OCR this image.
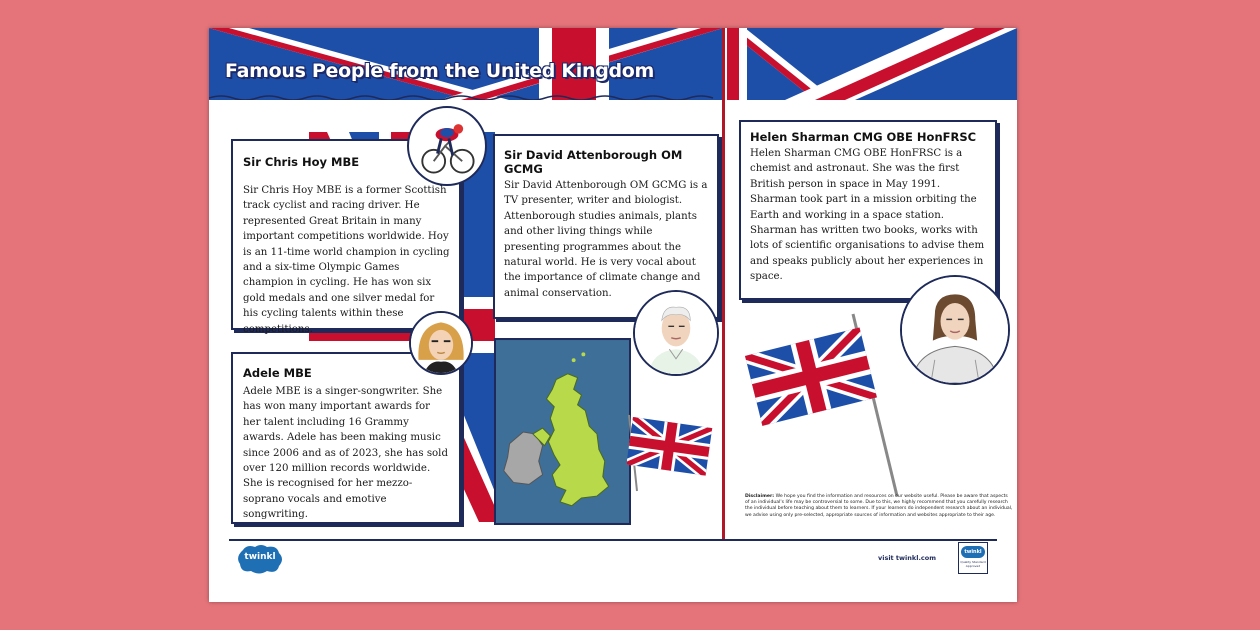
Famous People from the United Kingdom
Sir Chris Hoy MBE
Sir Chris Hoy MBE is a former Scottish track cyclist and racing driver. He represented Great Britain in many important competitions worldwide. Hoy is an 11-time world champion in cycling and a six-time Olympic Games champion in cycling. He has won six gold medals and one silver medal for his cycling talents within these competitions.
Adele MBE
Adele MBE is a singer-songwriter. She has won many important awards for her talent including 16 Grammy awards. Adele has been making music since 2006 and as of 2023, she has sold over 120 million records worldwide. She is recognised for her mezzo-soprano vocals and emotive songwriting.
Sir David Attenborough OM GCMG
Sir David Attenborough OM GCMG is a TV presenter, writer and biologist. Attenborough studies animals, plants and other living things while presenting programmes about the natural world. He is very vocal about the importance of climate change and animal conservation.
Helen Sharman CMG OBE HonFRSC
Helen Sharman CMG OBE HonFRSC is a chemist and astronaut. She was the first British person in space in May 1991. Sharman took part in a mission orbiting the Earth and working in a space station. Sharman has written two books, works with lots of scientific organisations to advise them and speaks publicly about her experiences in space.
Disclaimer: We hope you find the information and resources on our website useful. Please be aware that aspects of an individual's life may be controversial to some. Due to this, we highly recommend that you carefully research the individual before teaching about them to learners. If your learners do independent research about an individual, we advise using only pre-selected, appropriate sources of information and websites appropriate to their age.
twinkl	visit twinkl.com
twinkl
Quality Standard Approved
